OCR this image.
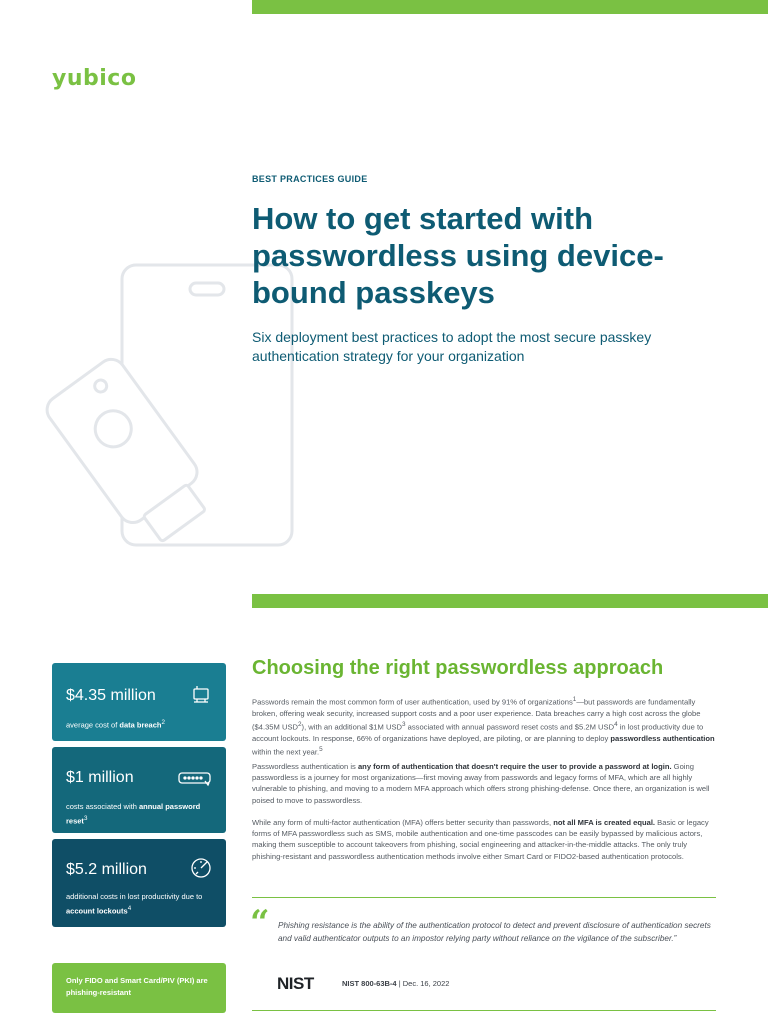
yubico
BEST PRACTICES GUIDE
How to get started with passwordless using device-bound passkeys

Six deployment best practices to adopt the most secure passkey authentication strategy for your organization

$4.35 million
average cost of data breach$^2$
$1 million
costs associated with annual password reset$^3$
$5.2 million
additional costs in lost productivity due to account lockouts$^4$
Only FIDO and Smart Card/PIV (PKI) are phishing-resistant
Choosing the right passwordless approach

Passwords remain the most common form of user authentication, used by 91% of organizations$^1$—but passwords are fundamentally broken, offering weak security, increased support costs and a poor user experience. Data breaches carry a high cost across the globe ($4.35M USD$^2$), with an additional $1M USD$^3$ associated with annual password reset costs and $5.2M USD$^4$ in lost productivity due to account lockouts. In response, 66% of organizations have deployed, are piloting, or are planning to deploy passwordless authentication within the next year.$^5$

Passwordless authentication is any form of authentication that doesn't require the user to provide a password at login. Going passwordless is a journey for most organizations—first moving away from passwords and legacy forms of MFA, which are all highly vulnerable to phishing, and moving to a modern MFA approach which offers strong phishing-defense. Once there, an organization is well poised to move to passwordless.

While any form of multi-factor authentication (MFA) offers better security than passwords, not all MFA is created equal. Basic or legacy forms of MFA passwordless such as SMS, mobile authentication and one-time passcodes can be easily bypassed by malicious actors, making them susceptible to account takeovers from phishing, social engineering and attacker-in-the-middle attacks. The only truly phishing-resistant and passwordless authentication methods involve either Smart Card or FIDO2-based authentication protocols.

“ Phishing resistance is the ability of the authentication protocol to detect and prevent disclosure of authentication secrets and valid authenticator outputs to an impostor relying party without reliance on the vigilance of the subscriber.”

NIST	NIST 800-63B-4 | Dec. 16, 2022
